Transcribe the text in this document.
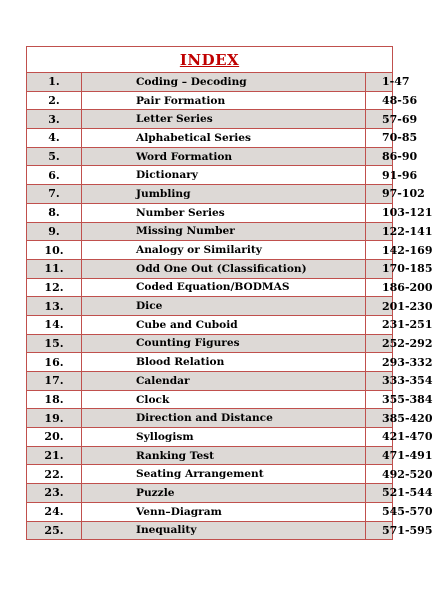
INDEX
1.	Coding – Decoding	1-47
2.	Pair Formation	48-56
3.	Letter Series	57-69
4.	Alphabetical Series	70-85
5.	Word Formation	86-90
6.	Dictionary	91-96
7.	Jumbling	97-102
8.	Number Series	103-121
9.	Missing Number	122-141
10.	Analogy or Similarity	142-169
11.	Odd One Out (Classification)	170-185
12.	Coded Equation/BODMAS	186-200
13.	Dice	201-230
14.	Cube and Cuboid	231-251
15.	Counting Figures	252-292
16.	Blood Relation	293-332
17.	Calendar	333-354
18.	Clock	355-384
19.	Direction and Distance	385-420
20.	Syllogism	421-470
21.	Ranking Test	471-491
22.	Seating Arrangement	492-520
23.	Puzzle	521-544
24.	Venn–Diagram	545-570
25.	Inequality	571-595
